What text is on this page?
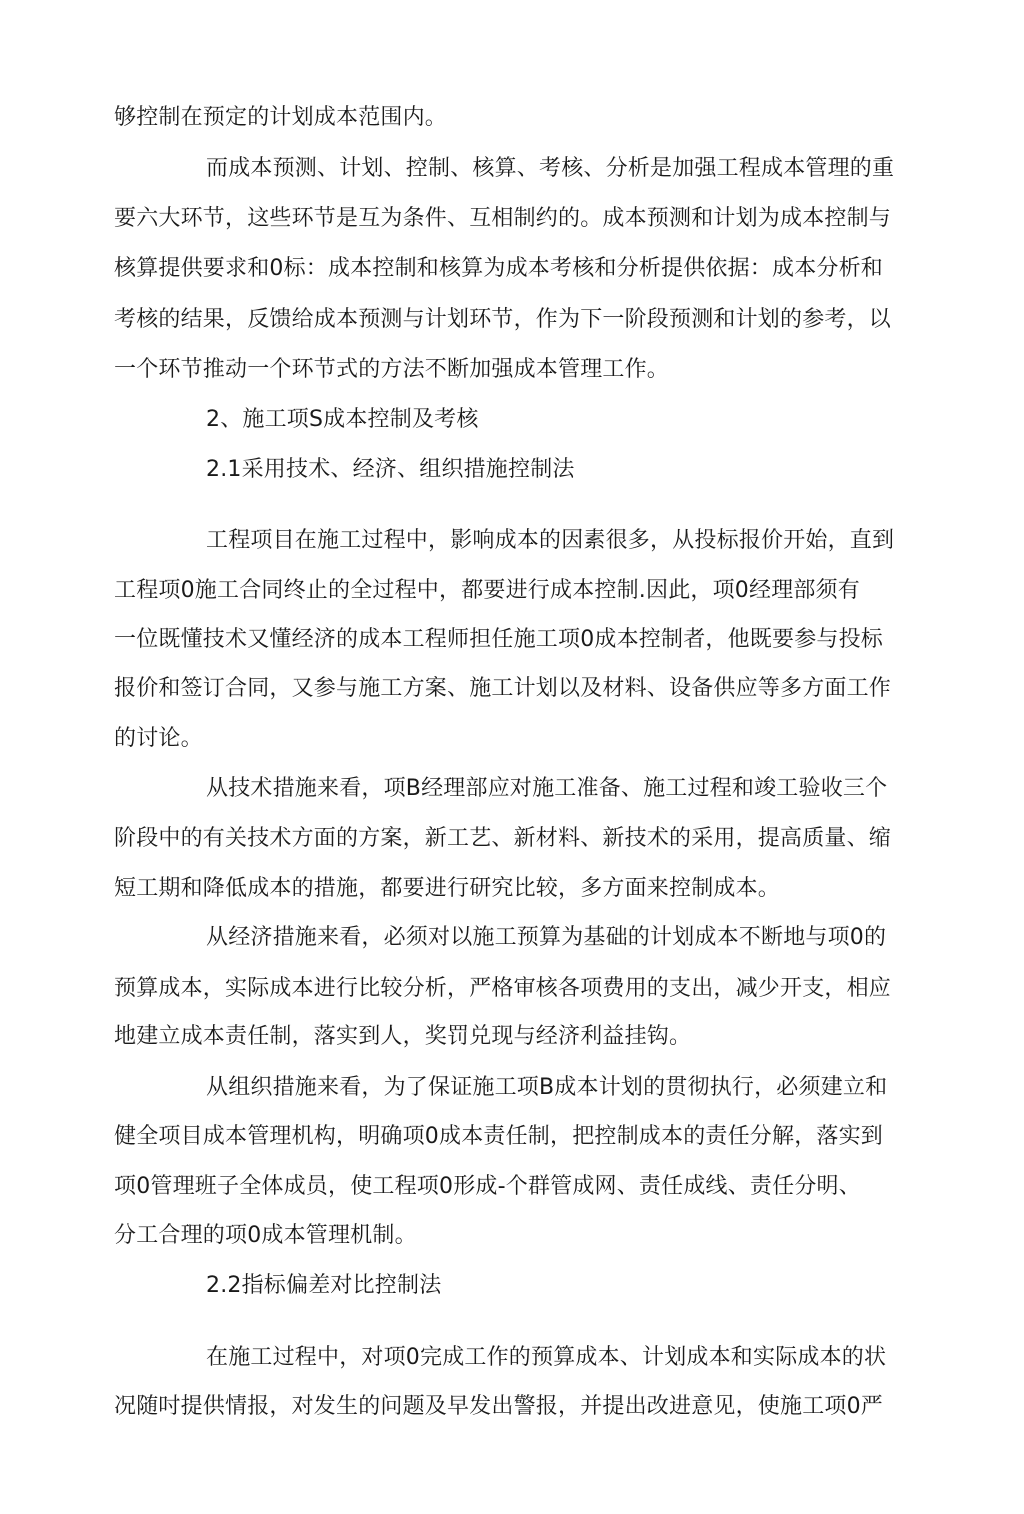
够控制在预定的计划成本范围内。
而成本预测、计划、控制、核算、考核、分析是加强工程成本管理的重
要六大环节，这些环节是互为条件、互相制约的。成本预测和计划为成本控制与
核算提供要求和0标：成本控制和核算为成本考核和分析提供依据：成本分析和
考核的结果，反馈给成本预测与计划环节，作为下一阶段预测和计划的参考，以
一个环节推动一个环节式的方法不断加强成本管理工作。
2、施工项S成本控制及考核
2.1采用技术、经济、组织措施控制法
工程项目在施工过程中，影响成本的因素很多，从投标报价开始，直到
工程项0施工合同终止的全过程中，都要进行成本控制.因此，项0经理部须有
一位既懂技术又懂经济的成本工程师担任施工项0成本控制者，他既要参与投标
报价和签订合同，又参与施工方案、施工计划以及材料、设备供应等多方面工作
的讨论。
从技术措施来看，项B经理部应对施工准备、施工过程和竣工验收三个
阶段中的有关技术方面的方案，新工艺、新材料、新技术的采用，提高质量、缩
短工期和降低成本的措施，都要进行研究比较，多方面来控制成本。
从经济措施来看，必须对以施工预算为基础的计划成本不断地与项0的
预算成本，实际成本进行比较分析，严格审核各项费用的支出，减少开支，相应
地建立成本责任制，落实到人，奖罚兑现与经济利益挂钩。
从组织措施来看，为了保证施工项B成本计划的贯彻执行，必须建立和
健全项目成本管理机构，明确项0成本责任制，把控制成本的责任分解，落实到
项0管理班子全体成员，使工程项0形成-个群管成网、责任成线、责任分明、
分工合理的项0成本管理机制。
2.2指标偏差对比控制法
在施工过程中，对项0完成工作的预算成本、计划成本和实际成本的状
况随吋提供情报，对发生的问题及早发出警报，并提出改进意见，使施工项0严
